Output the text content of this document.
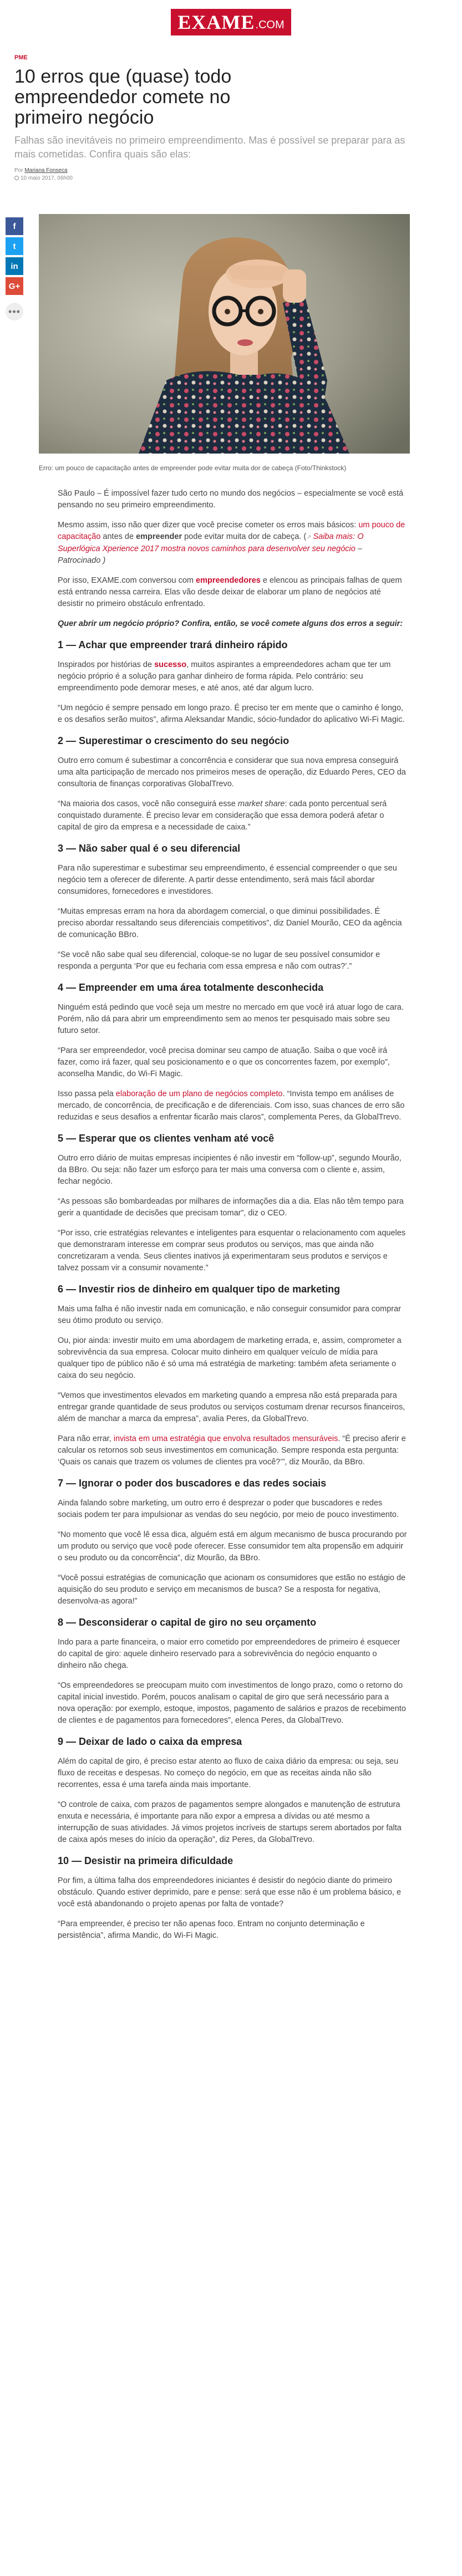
EXAME .COM
PME
10 erros que (quase) todo empreendedor comete no primeiro negócio
Falhas são inevitáveis no primeiro empreendimento. Mas é possível se preparar para as mais cometidas. Confira quais são elas:
Por Mariana Fonseca
10 maio 2017, 06h00
f
t
in
G+
•••
Erro: um pouco de capacitação antes de empreender pode evitar muita dor de cabeça (Foto/Thinkstock)

São Paulo – É impossível fazer tudo certo no mundo dos negócios – especialmente se você está pensando no seu primeiro empreendimento.

Mesmo assim, isso não quer dizer que você precise cometer os erros mais básicos: um pouco de capacitação antes de empreender pode evitar muita dor de cabeça. (↗ Saiba mais: O Superlógica Xperience 2017 mostra novos caminhos para desenvolver seu negócio – Patrocinado )

Por isso, EXAME.com conversou com empreendedores e elencou as principais falhas de quem está entrando nessa carreira. Elas vão desde deixar de elaborar um plano de negócios até desistir no primeiro obstáculo enfrentado.

Quer abrir um negócio próprio? Confira, então, se você comete alguns dos erros a seguir:

1 — Achar que empreender trará dinheiro rápido

Inspirados por histórias de sucesso, muitos aspirantes a empreendedores acham que ter um negócio próprio é a solução para ganhar dinheiro de forma rápida. Pelo contrário: seu empreendimento pode demorar meses, e até anos, até dar algum lucro.

“Um negócio é sempre pensado em longo prazo. É preciso ter em mente que o caminho é longo, e os desafios serão muitos”, afirma Aleksandar Mandic, sócio-fundador do aplicativo Wi-Fi Magic.

2 — Superestimar o crescimento do seu negócio

Outro erro comum é subestimar a concorrência e considerar que sua nova empresa conseguirá uma alta participação de mercado nos primeiros meses de operação, diz Eduardo Peres, CEO da consultoria de finanças corporativas GlobalTrevo.

“Na maioria dos casos, você não conseguirá esse market share: cada ponto percentual será conquistado duramente. É preciso levar em consideração que essa demora poderá afetar o capital de giro da empresa e a necessidade de caixa.”

3 — Não saber qual é o seu diferencial

Para não superestimar e subestimar seu empreendimento, é essencial compreender o que seu negócio tem a oferecer de diferente. A partir desse entendimento, será mais fácil abordar consumidores, fornecedores e investidores.

“Muitas empresas erram na hora da abordagem comercial, o que diminui possibilidades. É preciso abordar ressaltando seus diferenciais competitivos”, diz Daniel Mourão, CEO da agência de comunicação BBro.

“Se você não sabe qual seu diferencial, coloque-se no lugar de seu possível consumidor e responda a pergunta ‘Por que eu fecharia com essa empresa e não com outras?’.”

4 — Empreender em uma área totalmente desconhecida

Ninguém está pedindo que você seja um mestre no mercado em que você irá atuar logo de cara. Porém, não dá para abrir um empreendimento sem ao menos ter pesquisado mais sobre seu futuro setor.

“Para ser empreendedor, você precisa dominar seu campo de atuação. Saiba o que você irá fazer, como irá fazer, qual seu posicionamento e o que os concorrentes fazem, por exemplo”, aconselha Mandic, do Wi-Fi Magic.

Isso passa pela elaboração de um plano de negócios completo. “Invista tempo em análises de mercado, de concorrência, de precificação e de diferenciais. Com isso, suas chances de erro são reduzidas e seus desafios a enfrentar ficarão mais claros”, complementa Peres, da GlobalTrevo.

5 — Esperar que os clientes venham até você

Outro erro diário de muitas empresas incipientes é não investir em “follow-up”, segundo Mourão, da BBro. Ou seja: não fazer um esforço para ter mais uma conversa com o cliente e, assim, fechar negócio.

“As pessoas são bombardeadas por milhares de informações dia a dia. Elas não têm tempo para gerir a quantidade de decisões que precisam tomar”, diz o CEO.

“Por isso, crie estratégias relevantes e inteligentes para esquentar o relacionamento com aqueles que demonstraram interesse em comprar seus produtos ou serviços, mas que ainda não concretizaram a venda. Seus clientes inativos já experimentaram seus produtos e serviços e talvez possam vir a consumir novamente.”

6 — Investir rios de dinheiro em qualquer tipo de marketing

Mais uma falha é não investir nada em comunicação, e não conseguir consumidor para comprar seu ótimo produto ou serviço.

Ou, pior ainda: investir muito em uma abordagem de marketing errada, e, assim, comprometer a sobrevivência da sua empresa. Colocar muito dinheiro em qualquer veículo de mídia para qualquer tipo de público não é só uma má estratégia de marketing: também afeta seriamente o caixa do seu negócio.

“Vemos que investimentos elevados em marketing quando a empresa não está preparada para entregar grande quantidade de seus produtos ou serviços costumam drenar recursos financeiros, além de manchar a marca da empresa”, avalia Peres, da GlobalTrevo.

Para não errar, invista em uma estratégia que envolva resultados mensuráveis. “É preciso aferir e calcular os retornos sob seus investimentos em comunicação. Sempre responda esta pergunta: ‘Quais os canais que trazem os volumes de clientes pra você?’”, diz Mourão, da BBro.

7 — Ignorar o poder dos buscadores e das redes sociais

Ainda falando sobre marketing, um outro erro é desprezar o poder que buscadores e redes sociais podem ter para impulsionar as vendas do seu negócio, por meio de pouco investimento.

“No momento que você lê essa dica, alguém está em algum mecanismo de busca procurando por um produto ou serviço que você pode oferecer. Esse consumidor tem alta propensão em adquirir o seu produto ou da concorrência”, diz Mourão, da BBro.

“Você possui estratégias de comunicação que acionam os consumidores que estão no estágio de aquisição do seu produto e serviço em mecanismos de busca? Se a resposta for negativa, desenvolva-as agora!”

8 — Desconsiderar o capital de giro no seu orçamento

Indo para a parte financeira, o maior erro cometido por empreendedores de primeiro é esquecer do capital de giro: aquele dinheiro reservado para a sobrevivência do negócio enquanto o dinheiro não chega.

“Os empreendedores se preocupam muito com investimentos de longo prazo, como o retorno do capital inicial investido. Porém, poucos analisam o capital de giro que será necessário para a nova operação: por exemplo, estoque, impostos, pagamento de salários e prazos de recebimento de clientes e de pagamentos para fornecedores”, elenca Peres, da GlobalTrevo.

9 — Deixar de lado o caixa da empresa

Além do capital de giro, é preciso estar atento ao fluxo de caixa diário da empresa: ou seja, seu fluxo de receitas e despesas. No começo do negócio, em que as receitas ainda não são recorrentes, essa é uma tarefa ainda mais importante.

“O controle de caixa, com prazos de pagamentos sempre alongados e manutenção de estrutura enxuta e necessária, é importante para não expor a empresa a dívidas ou até mesmo a interrupção de suas atividades. Já vimos projetos incríveis de startups serem abortados por falta de caixa após meses do início da operação”, diz Peres, da GlobalTrevo.

10 — Desistir na primeira dificuldade

Por fim, a última falha dos empreendedores iniciantes é desistir do negócio diante do primeiro obstáculo. Quando estiver deprimido, pare e pense: será que esse não é um problema básico, e você está abandonando o projeto apenas por falta de vontade?

“Para empreender, é preciso ter não apenas foco. Entram no conjunto determinação e persistência”, afirma Mandic, do Wi-Fi Magic.
